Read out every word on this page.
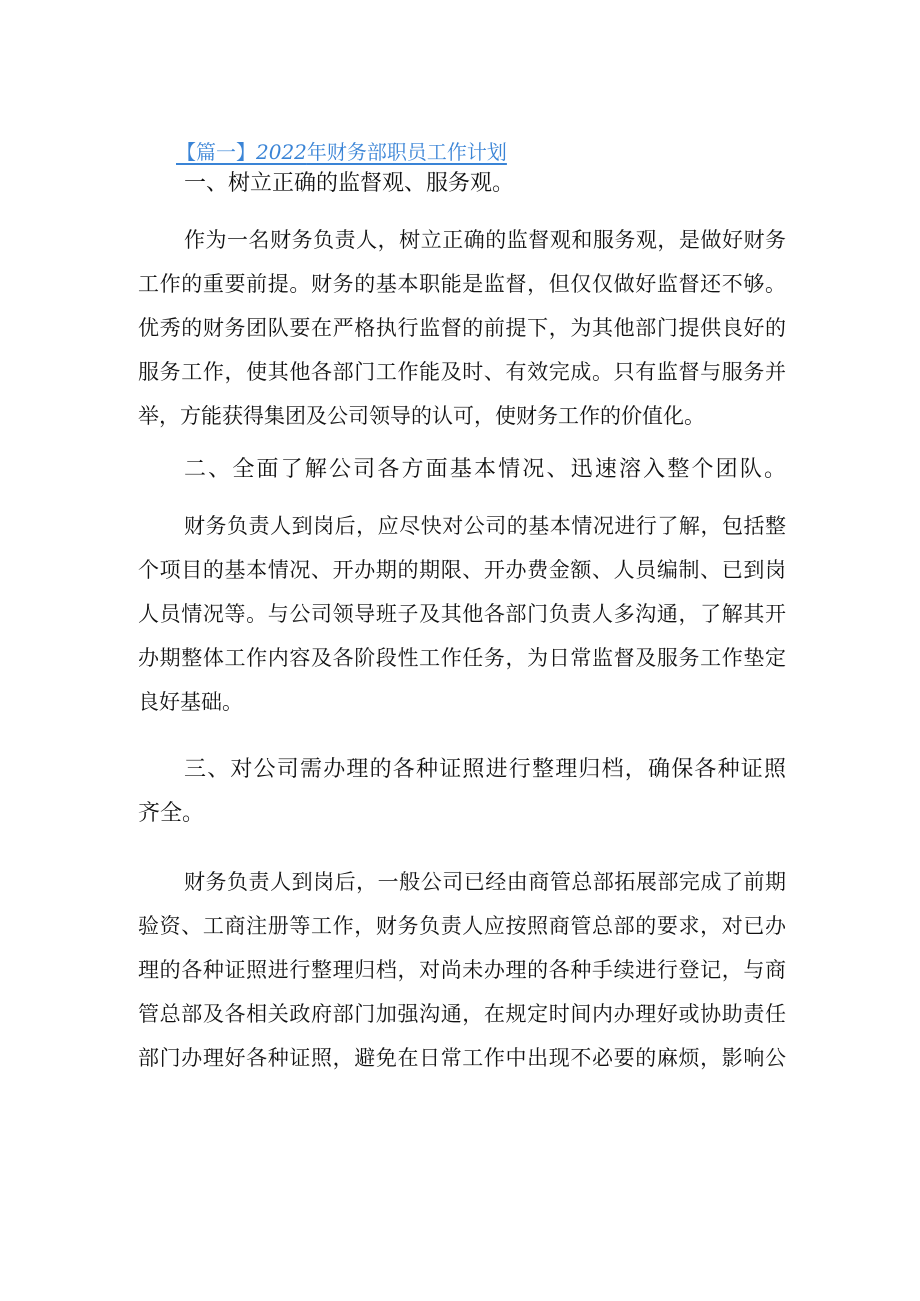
【篇一】2022年财务部职员工作计划
一、树立正确的监督观、服务观。
作为一名财务负责人，树立正确的监督观和服务观，是做好财务
工作的重要前提。财务的基本职能是监督，但仅仅做好监督还不够。
优秀的财务团队要在严格执行监督的前提下，为其他部门提供良好的
服务工作，使其他各部门工作能及时、有效完成。只有监督与服务并
举，方能获得集团及公司领导的认可，使财务工作的价值化。
二、全面了解公司各方面基本情况、迅速溶入整个团队。
财务负责人到岗后，应尽快对公司的基本情况进行了解，包括整
个项目的基本情况、开办期的期限、开办费金额、人员编制、已到岗
人员情况等。与公司领导班子及其他各部门负责人多沟通，了解其开
办期整体工作内容及各阶段性工作任务，为日常监督及服务工作垫定
良好基础。
三、对公司需办理的各种证照进行整理归档，确保各种证照
齐全。
财务负责人到岗后，一般公司已经由商管总部拓展部完成了前期
验资、工商注册等工作，财务负责人应按照商管总部的要求，对已办
理的各种证照进行整理归档，对尚未办理的各种手续进行登记，与商
管总部及各相关政府部门加强沟通，在规定时间内办理好或协助责任
部门办理好各种证照，避免在日常工作中出现不必要的麻烦，影响公
